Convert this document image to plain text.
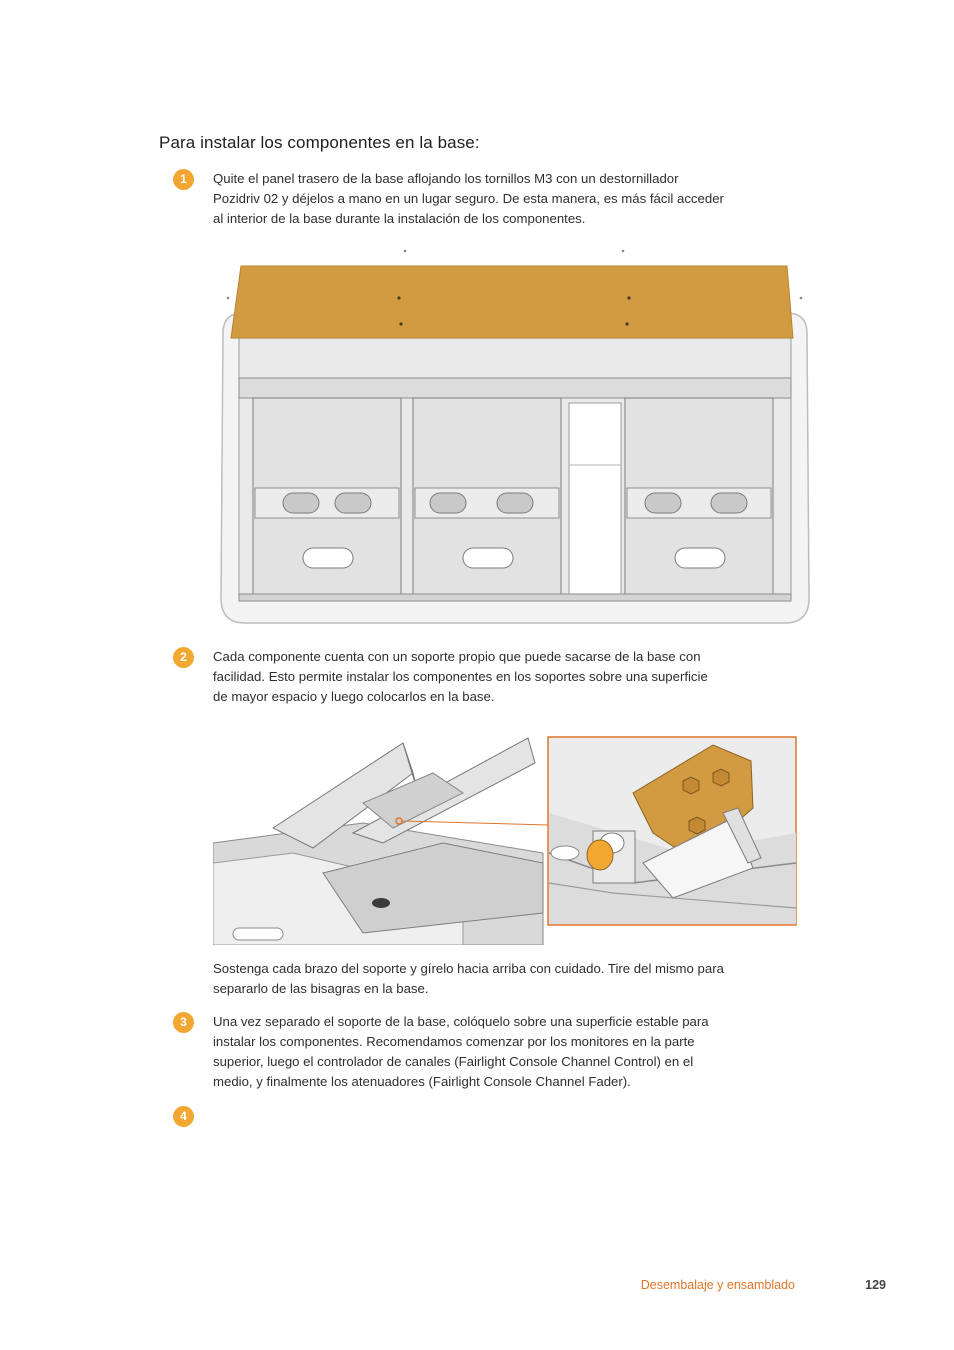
Para instalar los componentes en la base:
1	Quite el panel trasero de la base aflojando los tornillos M3 con un destornillador
Pozidriv 02 y déjelos a mano en un lugar seguro. De esta manera, es más fácil acceder
al interior de la base durante la instalación de los componentes.
2	Cada componente cuenta con un soporte propio que puede sacarse de la base con
facilidad. Esto permite instalar los componentes en los soportes sobre una superficie
de mayor espacio y luego colocarlos en la base.
Sostenga cada brazo del soporte y gírelo hacia arriba con cuidado. Tire del mismo para
separarlo de las bisagras en la base.
3	Una vez separado el soporte de la base, colóquelo sobre una superficie estable para
instalar los componentes. Recomendamos comenzar por los monitores en la parte
superior, luego el controlador de canales (Fairlight Console Channel Control) en el
medio, y finalmente los atenuadores (Fairlight Console Channel Fader).
4
Desembalaje y ensamblado	129
